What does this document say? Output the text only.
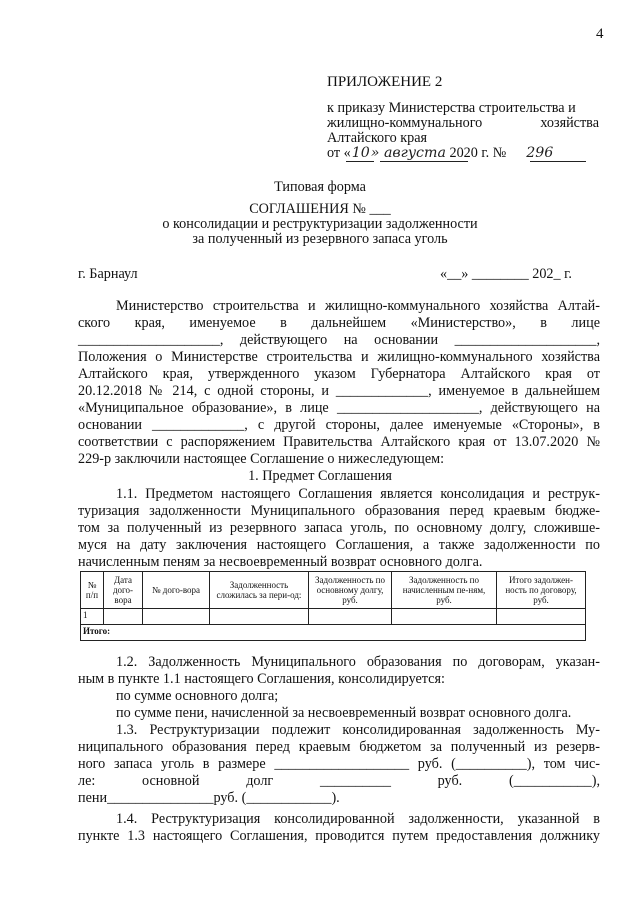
4
ПРИЛОЖЕНИЕ 2
к приказу Министерства строительства и
жилищно-коммунального	хозяйства
Алтайского края
от «10» августа 2020 г. № 296
Типовая форма
СОГЛАШЕНИЯ № ___
о консолидации и реструктуризации задолженности
за полученный из резервного запаса уголь
г. Барнаул	«__» ________ 202_ г.
Министерство строительства и жилищно-коммунального хозяйства Алтай-
ского края, именуемое в дальнейшем «Министерство», в лице
____________________, действующего на основании ____________________,
Положения о Министерстве строительства и жилищно-коммунального хозяйства
Алтайского края, утвержденного указом Губернатора Алтайского края от
20.12.2018 № 214, с одной стороны, и _____________, именуемое в дальнейшем
«Муниципальное образование», в лице ____________________, действующего на
основании _____________, с другой стороны, далее именуемые «Стороны», в
соответствии с распоряжением Правительства Алтайского края от 13.07.2020 №
229-р заключили настоящее Соглашение о нижеследующем:
1. Предмет Соглашения
1.1. Предметом настоящего Соглашения является консолидация и реструк-
туризация задолженности Муниципального образования перед краевым бюдже-
том за полученный из резервного запаса уголь, по основному долгу, сложивше-
муся на дату заключения настоящего Соглашения, а также задолженности по
начисленным пеням за несвоевременный возврат основного долга.
№ п/п	Дата дого-вора	№ дого-вора	Задолженность сложилась за пери-од:	Задолженность по основному долгу, руб.	Задолженность по начисленным пе-ням, руб.	Итого задолжен-ность по договору, руб.
1						
Итого:						
1.2. Задолженность Муниципального образования по договорам, указан-
ным в пункте 1.1 настоящего Соглашения, консолидируется:
по сумме основного долга;
по сумме пени, начисленной за несвоевременный возврат основного долга.
1.3. Реструктуризации подлежит консолидированная задолженность Му-
ниципального образования перед краевым бюджетом за полученный из резерв-
ного запаса уголь в размере ___________________ руб. (__________), том чис-
ле: основной долг __________ руб. (___________),
пени_______________руб. (____________).
1.4. Реструктуризация консолидированной задолженности, указанной в
пункте 1.3 настоящего Соглашения, проводится путем предоставления должнику
